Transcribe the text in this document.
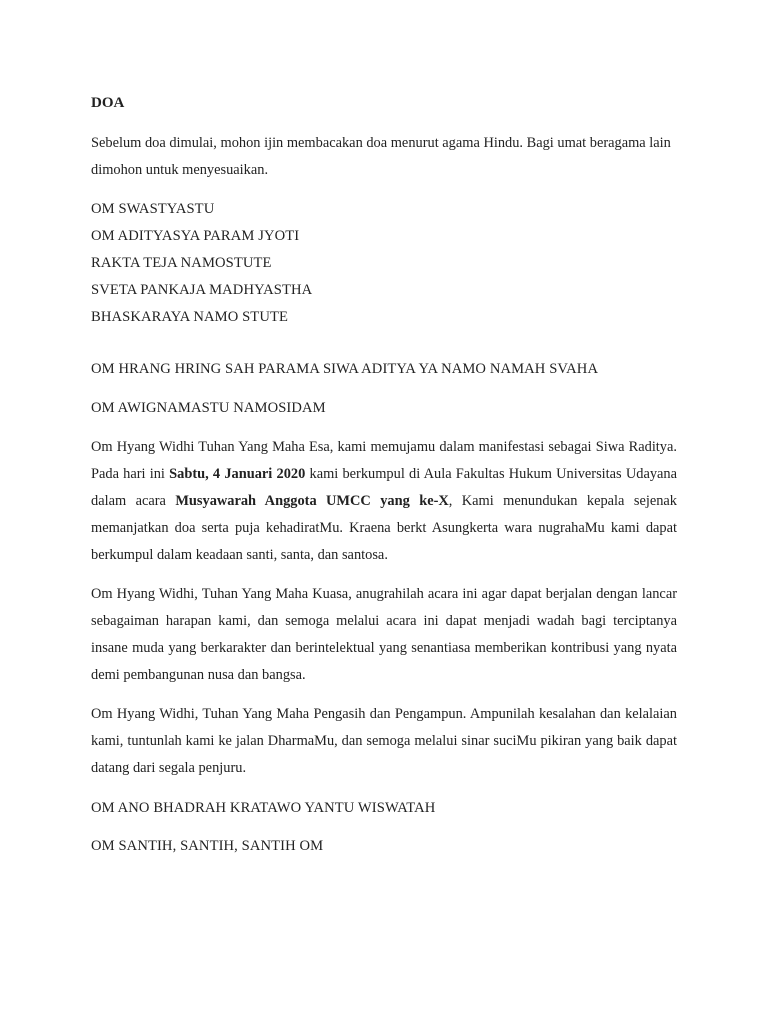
DOA

Sebelum doa dimulai, mohon ijin membacakan doa menurut agama Hindu. Bagi umat beragama lain dimohon untuk menyesuaikan.

OM SWASTYASTU
OM ADITYASYA PARAM JYOTI
RAKTA TEJA NAMOSTUTE
SVETA PANKAJA MADHYASTHA
BHASKARAYA NAMO STUTE

OM HRANG HRING SAH PARAMA SIWA ADITYA YA NAMO NAMAH SVAHA

OM AWIGNAMASTU NAMOSIDAM

Om Hyang Widhi Tuhan Yang Maha Esa, kami memujamu dalam manifestasi sebagai Siwa Raditya. Pada hari ini Sabtu, 4 Januari 2020 kami berkumpul di Aula Fakultas Hukum Universitas Udayana dalam acara Musyawarah Anggota UMCC yang ke-X, Kami menundukan kepala sejenak memanjatkan doa serta puja kehadiratMu. Kraena berkt Asungkerta wara nugrahaMu kami dapat berkumpul dalam keadaan santi, santa, dan santosa.

Om Hyang Widhi, Tuhan Yang Maha Kuasa, anugrahilah acara ini agar dapat berjalan dengan lancar sebagaiman harapan kami, dan semoga melalui acara ini dapat menjadi wadah bagi terciptanya insane muda yang berkarakter dan berintelektual yang senantiasa memberikan kontribusi yang nyata demi pembangunan nusa dan bangsa.

Om Hyang Widhi, Tuhan Yang Maha Pengasih dan Pengampun. Ampunilah kesalahan dan kelalaian kami, tuntunlah kami ke jalan DharmaMu, dan semoga melalui sinar suciMu pikiran yang baik dapat datang dari segala penjuru.

OM ANO BHADRAH KRATAWO YANTU WISWATAH

OM SANTIH, SANTIH, SANTIH OM
